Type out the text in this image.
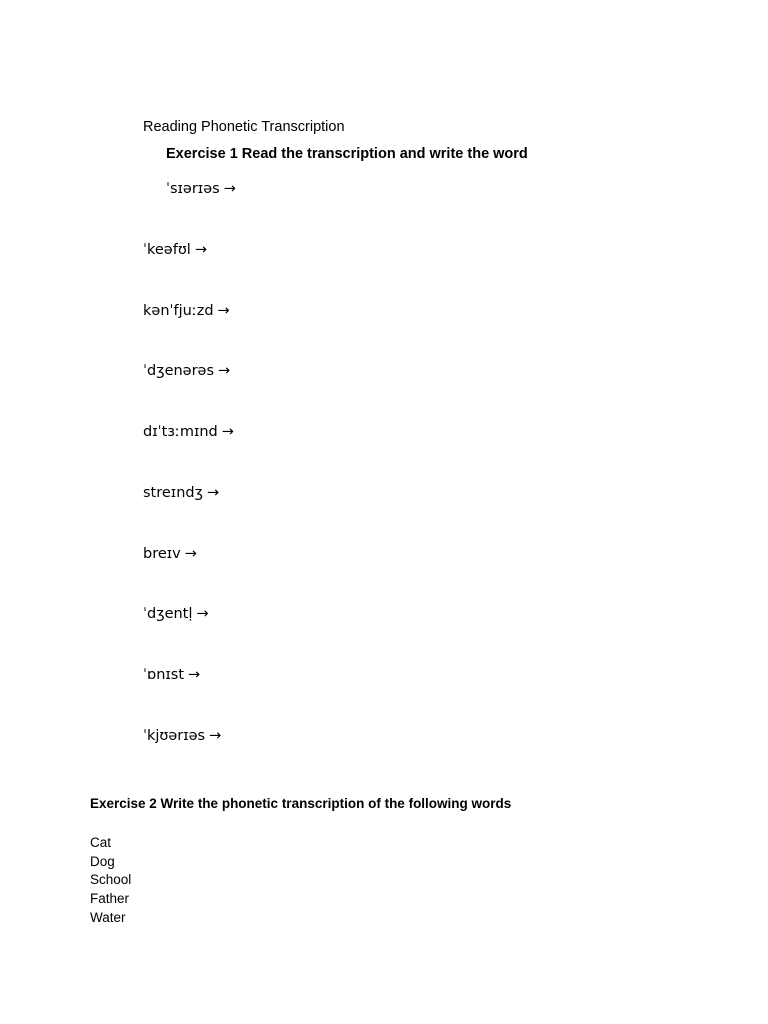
Reading Phonetic Transcription
Exercise 1 Read the transcription and write the word
ˈsɪərɪəs →
ˈkeəfʊl →
kənˈfjuːzd →
ˈdʒenərəs →
dɪˈtɜːmɪnd →
streɪndʒ →
breɪv →
ˈdʒentḷ →
ˈɒnɪst →
ˈkjʊərɪəs →
Exercise 2 Write the phonetic transcription of the following words
Cat
Dog
School
Father
Water
